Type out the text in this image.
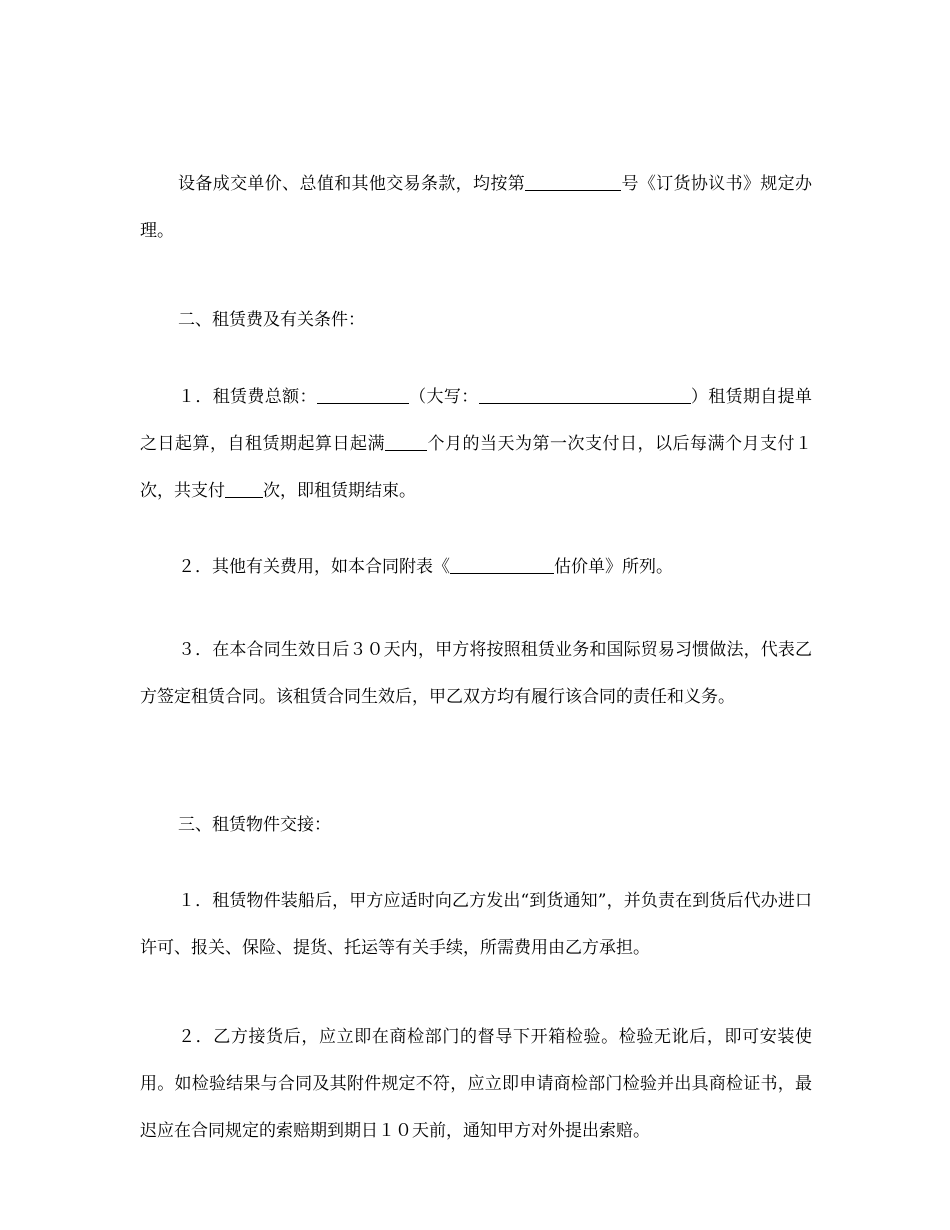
设备成交单价、总值和其他交易条款，均按第	号《订货协议书》规定办理。

二、租赁费及有关条件：

１．租赁费总额：	（大写：	）租赁期自提单之日起算，自租赁期起算日起满 个月的当天为第一次支付日，以后每满个月支付１次，共支付 次，即租赁期结束。

２．其他有关费用，如本合同附表《	估价单》所列。

３．在本合同生效日后３０天内，甲方将按照租赁业务和国际贸易习惯做法，代表乙方签定租赁合同。该租赁合同生效后，甲乙双方均有履行该合同的责任和义务。

三、租赁物件交接：

１．租赁物件装船后，甲方应适时向乙方发出“到货通知”，并负责在到货后代办进口许可、报关、保险、提货、托运等有关手续，所需费用由乙方承担。

２．乙方接货后，应立即在商检部门的督导下开箱检验。检验无讹后，即可安装使用。如检验结果与合同及其附件规定不符，应立即申请商检部门检验并出具商检证书，最迟应在合同规定的索赔期到期日１０天前，通知甲方对外提出索赔。
